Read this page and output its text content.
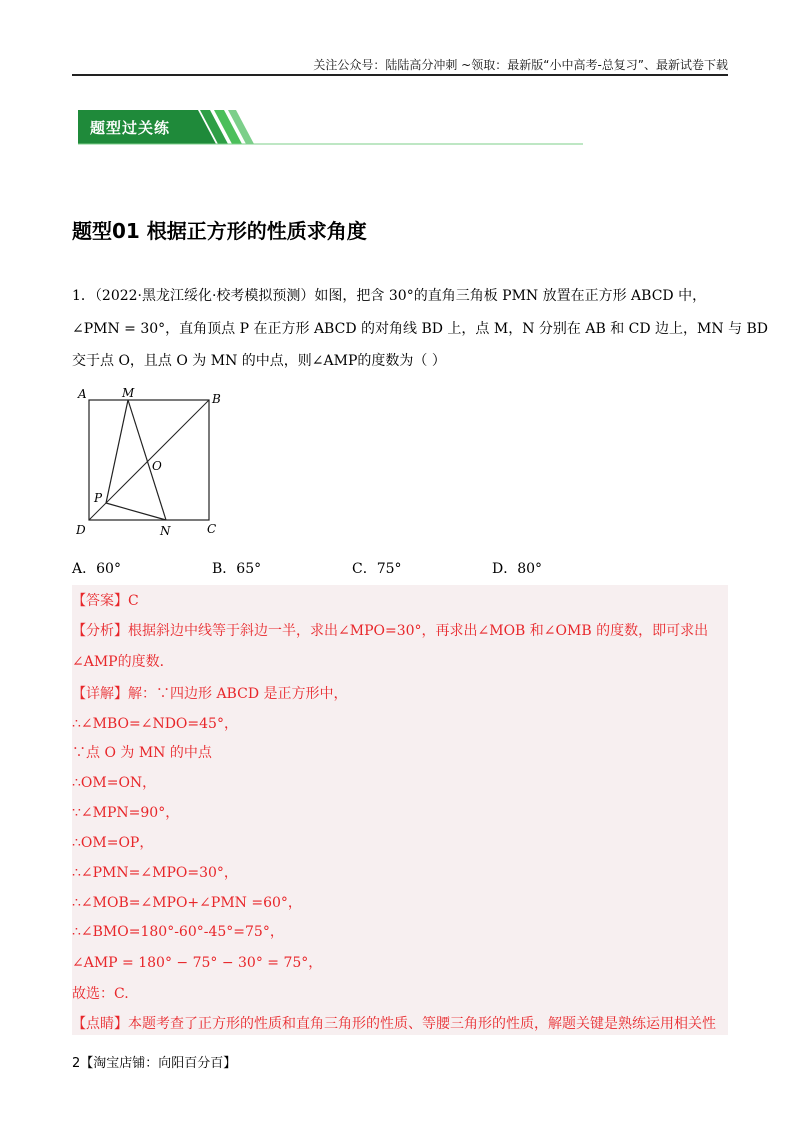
关注公众号：陆陆高分冲刺 ~领取：最新版“小中高考-总复习”、最新试卷下载
题型过关练
题型01 根据正方形的性质求角度
1．（2022·黑龙江绥化·校考模拟预测）如图，把含 30°的直角三角板 PMN 放置在正方形 ABCD 中，
∠PMN = 30°，直角顶点 P 在正方形 ABCD 的对角线 BD 上，点 M，N 分别在 AB 和 CD 边上，MN 与 BD
交于点 O，且点 O 为 MN 的中点，则∠AMP的度数为（ ）
A	M	B
O
P
D	N	C
A．60°	B．65°	C．75°	D．80°
【答案】C
【分析】根据斜边中线等于斜边一半，求出∠MPO=30°，再求出∠MOB 和∠OMB 的度数，即可求出
∠AMP的度数．
【详解】解：∵四边形 ABCD 是正方形中，
∴∠MBO=∠NDO=45°，
∵点 O 为 MN 的中点
∴OM=ON，
∵∠MPN=90°，
∴OM=OP，
∴∠PMN=∠MPO=30°，
∴∠MOB=∠MPO+∠PMN =60°，
∴∠BMO=180°-60°-45°=75°，
∠AMP = 180° − 75° − 30° = 75°，
故选：C.
【点睛】本题考查了正方形的性质和直角三角形的性质、等腰三角形的性质，解题关键是熟练运用相关性
2【淘宝店铺：向阳百分百】
